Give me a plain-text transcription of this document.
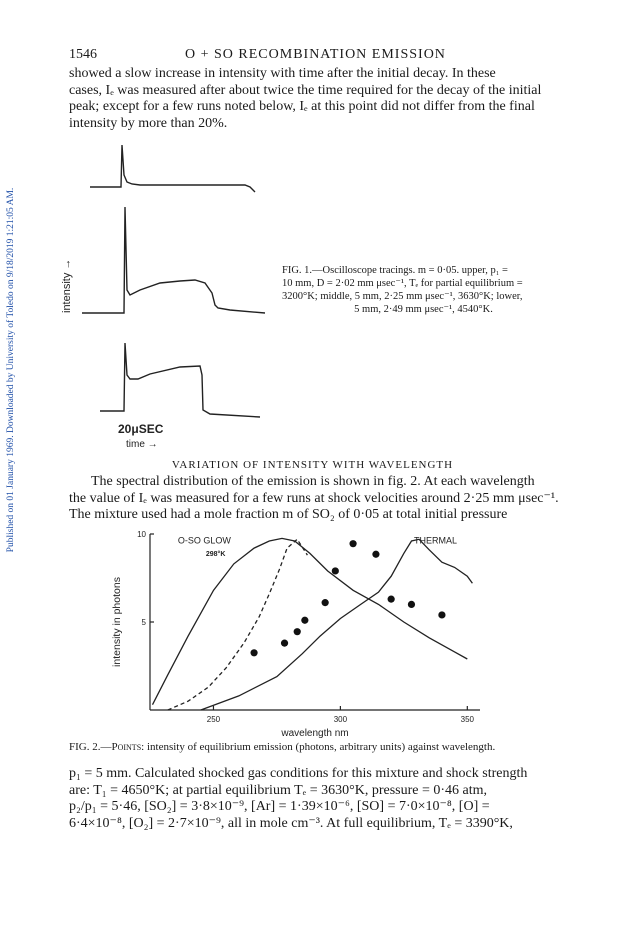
Published on 01 January 1969. Downloaded by University of Toledo on 9/18/2019 1:21:05 AM.
1546	O + SO RECOMBINATION EMISSION

showed a slow increase in intensity with time after the initial decay. In these

cases, Iₑ was measured after about twice the time required for the decay of the initial

peak; except for a few runs noted below, Iₑ at this point did not differ from the final

intensity by more than 20%.

intensity →
20μSEC
time →
FIG. 1.—Oscilloscope tracings. m = 0·05. upper, p₁ =
10 mm, D = 2·02 mm μsec⁻¹, Tₑ for partial equilibrium =
3200°K; middle, 5 mm, 2·25 mm μsec⁻¹, 3630°K; lower,
5 mm, 2·49 mm μsec⁻¹, 4540°K.
VARIATION OF INTENSITY WITH WAVELENGTH

The spectral distribution of the emission is shown in fig. 2. At each wavelength

the value of Iₑ was measured for a few runs at shock velocities around 2·25 mm μsec⁻¹.

The mixture used had a mole fraction m of SO₂ of 0·05 at total initial pressure

250	300	350
10
5
wavelength nm
intensity in photons
O-SO GLOW
298°K
THERMAL
FIG. 2.—Points: intensity of equilibrium emission (photons, arbitrary units) against wavelength.

p₁ = 5 mm. Calculated shocked gas conditions for this mixture and shock strength

are: T₁ = 4650°K; at partial equilibrium Tₑ = 3630°K, pressure = 0·46 atm,

p₂/p₁ = 5·46, [SO₂] = 3·8×10⁻⁹, [Ar] = 1·39×10⁻⁶, [SO] = 7·0×10⁻⁸, [O] =

6·4×10⁻⁸, [O₂] = 2·7×10⁻⁹, all in mole cm⁻³. At full equilibrium, Tₑ = 3390°K,
